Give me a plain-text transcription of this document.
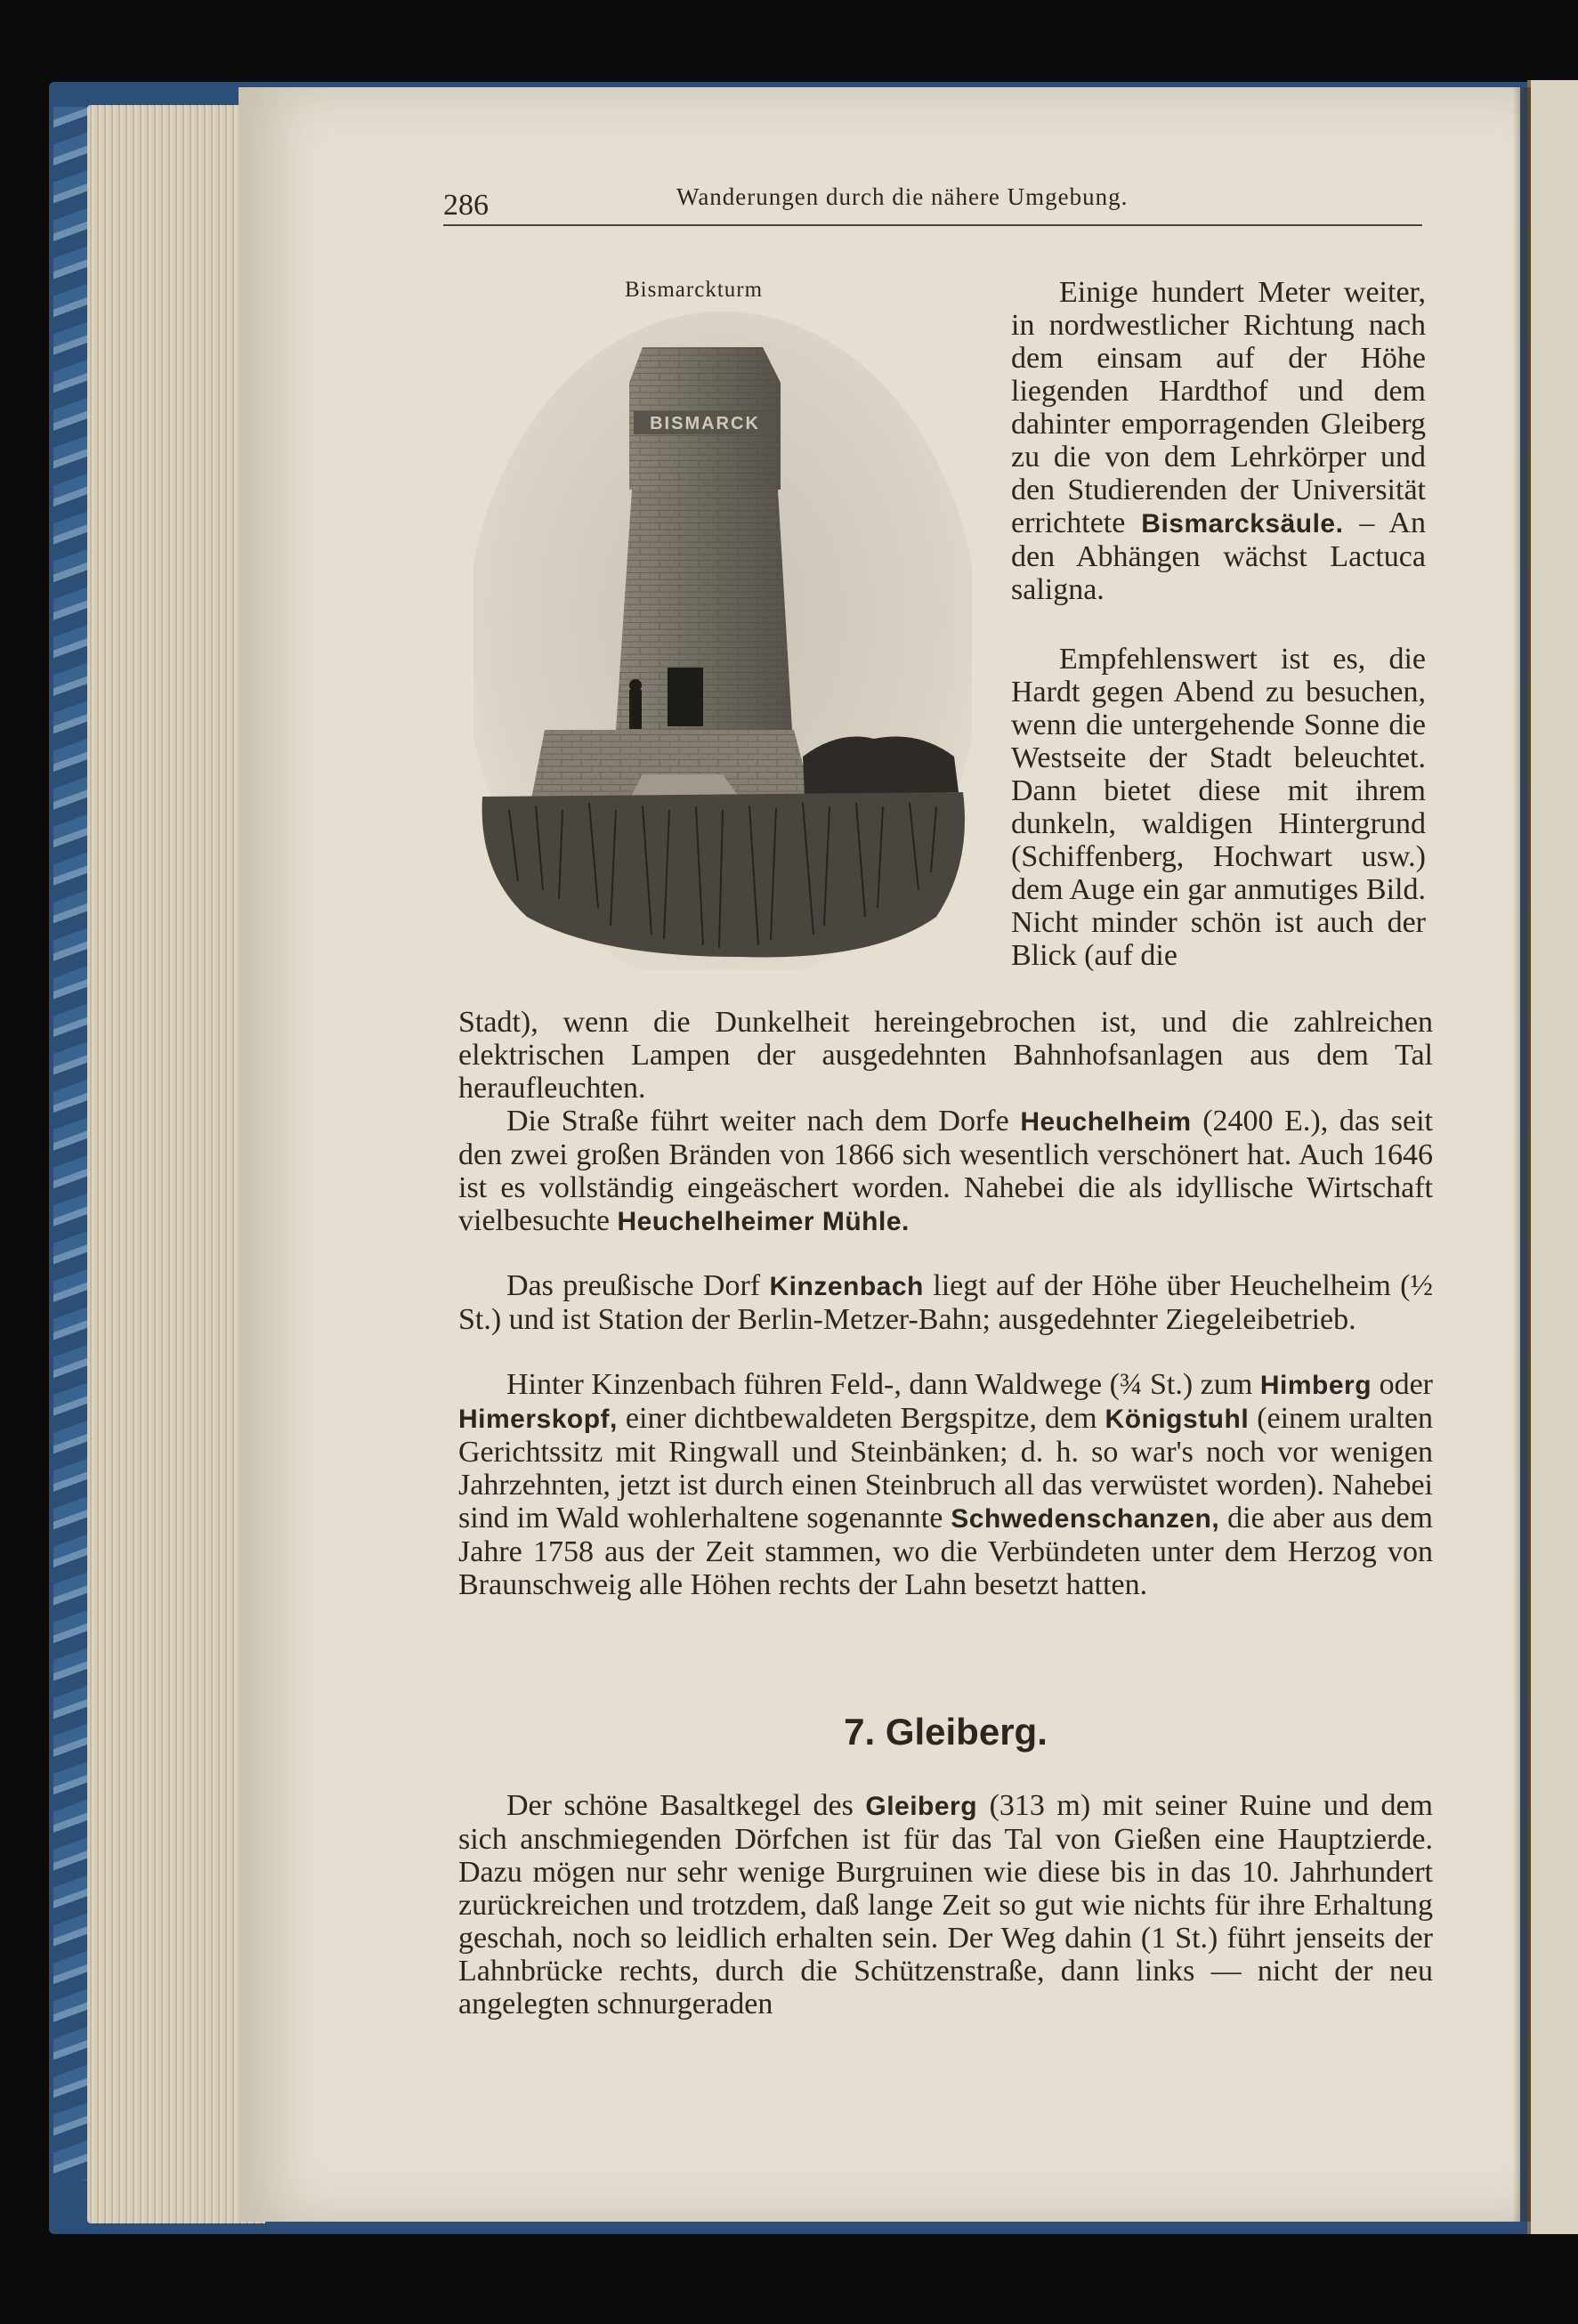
286	Wanderungen durch die nähere Umgebung.
Bismarckturm
BISMARCK
Einige hundert Meter weiter, in nordwestlicher Richtung nach dem einsam auf der Höhe liegenden Hardthof und dem dahinter emporragenden Gleiberg zu die von dem Lehrkörper und den Studierenden der Universität errichtete Bismarcksäule. – An den Abhängen wächst Lactuca saligna.
Empfehlenswert ist es, die Hardt gegen Abend zu besuchen, wenn die untergehende Sonne die Westseite der Stadt beleuchtet. Dann bietet diese mit ihrem dunkeln, waldigen Hintergrund (Schiffenberg, Hochwart usw.) dem Auge ein gar anmutiges Bild. Nicht minder schön ist auch der Blick (auf die
Stadt), wenn die Dunkelheit hereingebrochen ist, und die zahlreichen elektrischen Lampen der ausgedehnten Bahnhofsanlagen aus dem Tal heraufleuchten.
Die Straße führt weiter nach dem Dorfe Heuchelheim (2400 E.), das seit den zwei großen Bränden von 1866 sich wesentlich verschönert hat. Auch 1646 ist es vollständig eingeäschert worden. Nahebei die als idyllische Wirtschaft vielbesuchte Heuchelheimer Mühle.
Das preußische Dorf Kinzenbach liegt auf der Höhe über Heuchelheim (½ St.) und ist Station der Berlin-Metzer-Bahn; ausgedehnter Ziegeleibetrieb.
Hinter Kinzenbach führen Feld-, dann Waldwege (¾ St.) zum Himberg oder Himerskopf, einer dichtbewaldeten Bergspitze, dem Königstuhl (einem uralten Gerichtssitz mit Ringwall und Steinbänken; d. h. so war's noch vor wenigen Jahrzehnten, jetzt ist durch einen Steinbruch all das verwüstet worden). Nahebei sind im Wald wohlerhaltene sogenannte Schwedenschanzen, die aber aus dem Jahre 1758 aus der Zeit stammen, wo die Verbündeten unter dem Herzog von Braunschweig alle Höhen rechts der Lahn besetzt hatten.
7. Gleiberg.
Der schöne Basaltkegel des Gleiberg (313 m) mit seiner Ruine und dem sich anschmiegenden Dörfchen ist für das Tal von Gießen eine Hauptzierde. Dazu mögen nur sehr wenige Burgruinen wie diese bis in das 10. Jahrhundert zurückreichen und trotzdem, daß lange Zeit so gut wie nichts für ihre Erhaltung geschah, noch so leidlich erhalten sein. Der Weg dahin (1 St.) führt jenseits der Lahnbrücke rechts, durch die Schützenstraße, dann links — nicht der neu angelegten schnurgeraden
